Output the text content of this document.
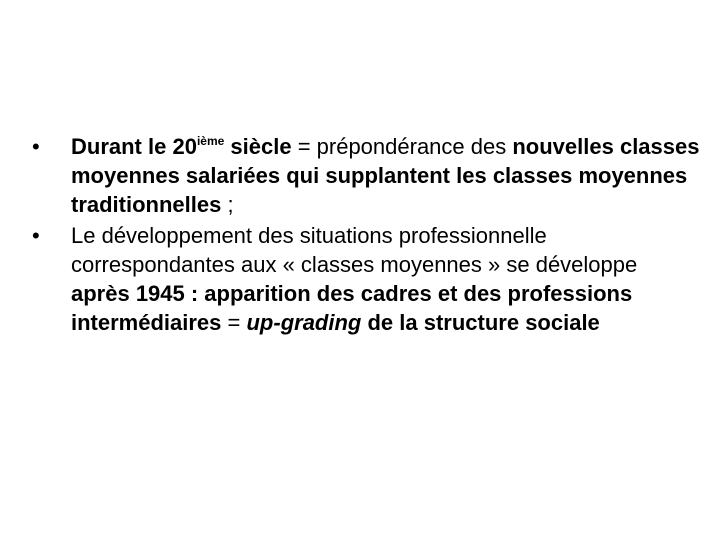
•	Durant le 20ième siècle = prépondérance des nouvelles classes moyennes salariées qui supplantent les classes moyennes traditionnelles ;
•	Le développement des situations professionnelle correspondantes aux « classes moyennes » se développe après 1945 : apparition des cadres et des professions intermédiaires = up-grading de la structure sociale
